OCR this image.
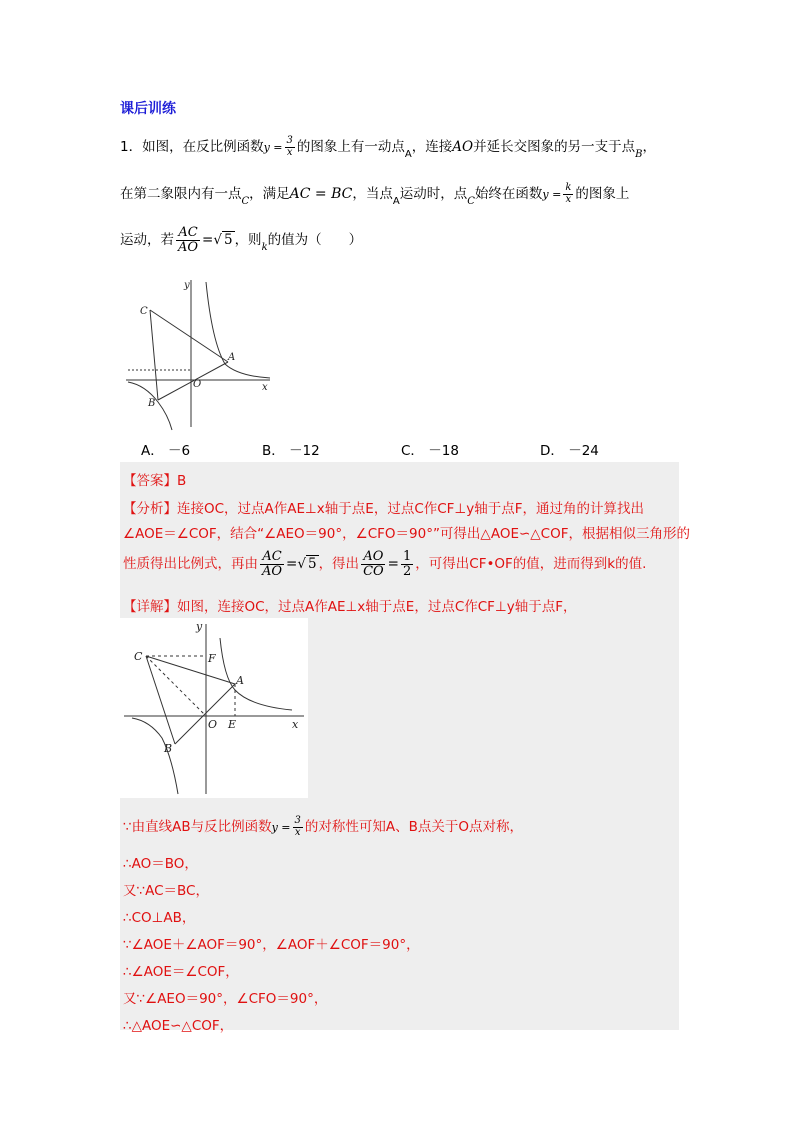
课后训练
1．如图，在反比例函数$y = \frac{3}{x}$ 的图象上有一动点$_A$，连接AO并延长交图象的另一支于点$_B$，
在第二象限内有一点$_C$，满足AC = BC，当点$_A$运动时，点$_C$始终在函数$y = \frac{k}{x}$ 的图象上
运动，若 $\frac{AC}{AO}$ =√ 5 ，则$_k$的值为（　　）
y
x
C
A
O
B
A． －6	B． －12	C． －18	D． －24
【答案】B
【分析】连接OC，过点A作AE⊥x轴于点E，过点C作CF⊥y轴于点F，通过角的计算找出
∠AOE＝∠COF，结合“∠AEO＝90°，∠CFO＝90°”可得出△AOE∽△COF，根据相似三角形的
性质得出比例式，再由 $\frac{AC}{AO}$ =√ 5 ，得出 $\frac{AO}{CO} = \frac{1}{2}$ ，可得出CF•OF的值，进而得到k的值.
【详解】如图，连接OC，过点A作AE⊥x轴于点E，过点C作CF⊥y轴于点F，
y
x
C	F
A
O E
B
∵由直线AB与反比例函数$y = \frac{3}{x}$ 的对称性可知A、B点关于O点对称，
∴AO＝BO，
又∵AC＝BC，
∴CO⊥AB，
∵∠AOE＋∠AOF＝90°，∠AOF＋∠COF＝90°，
∴∠AOE＝∠COF，
又∵∠AEO＝90°，∠CFO＝90°，
∴△AOE∽△COF，
